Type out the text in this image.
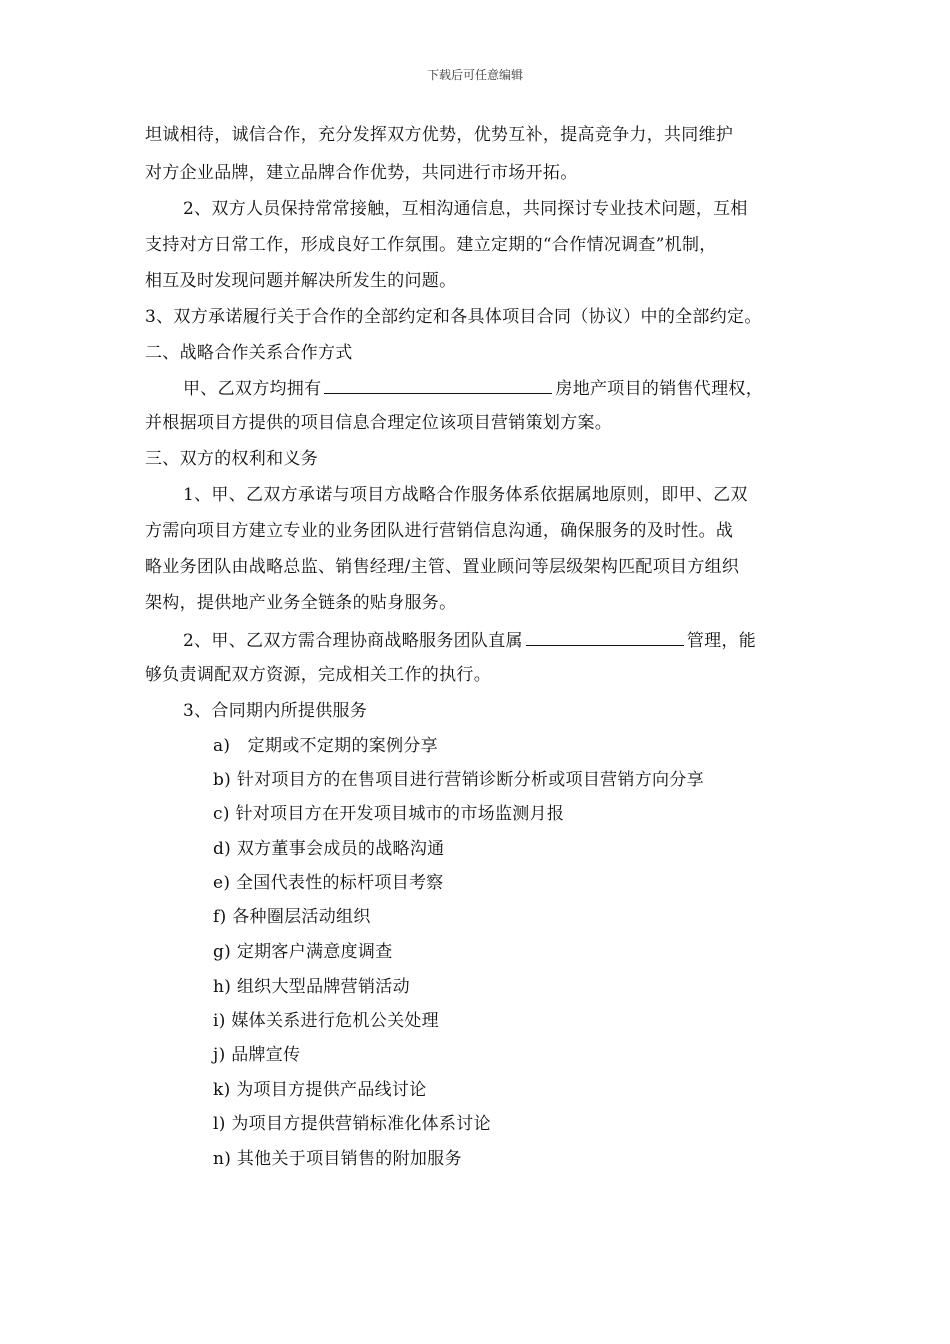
下载后可任意编辑
坦诚相待，诚信合作，充分发挥双方优势，优势互补，提高竞争力，共同维护
对方企业品牌，建立品牌合作优势，共同进行市场开拓。
2、双方人员保持常常接触，互相沟通信息，共同探讨专业技术问题，互相
支持对方日常工作，形成良好工作氛围。建立定期的“合作情况调查”机制，
相互及时发现问题并解决所发生的问题。
3、双方承诺履行关于合作的全部约定和各具体项目合同（协议）中的全部约定。
二、战略合作关系合作方式
甲、乙双方均拥有	房地产项目的销售代理权，
并根据项目方提供的项目信息合理定位该项目营销策划方案。
三、双方的权利和义务
1、甲、乙双方承诺与项目方战略合作服务体系依据属地原则，即甲、乙双
方需向项目方建立专业的业务团队进行营销信息沟通，确保服务的及时性。战
略业务团队由战略总监、销售经理/主管、置业顾问等层级架构匹配项目方组织
架构，提供地产业务全链条的贴身服务。
2、甲、乙双方需合理协商战略服务团队直属	管理，能
够负责调配双方资源，完成相关工作的执行。
3、合同期内所提供服务
a)　定期或不定期的案例分享
b) 针对项目方的在售项目进行营销诊断分析或项目营销方向分享
c) 针对项目方在开发项目城市的市场监测月报
d) 双方董事会成员的战略沟通
e) 全国代表性的标杆项目考察
f) 各种圈层活动组织
g) 定期客户满意度调查
h) 组织大型品牌营销活动
i) 媒体关系进行危机公关处理
j) 品牌宣传
k) 为项目方提供产品线讨论
l) 为项目方提供营销标准化体系讨论
n) 其他关于项目销售的附加服务
